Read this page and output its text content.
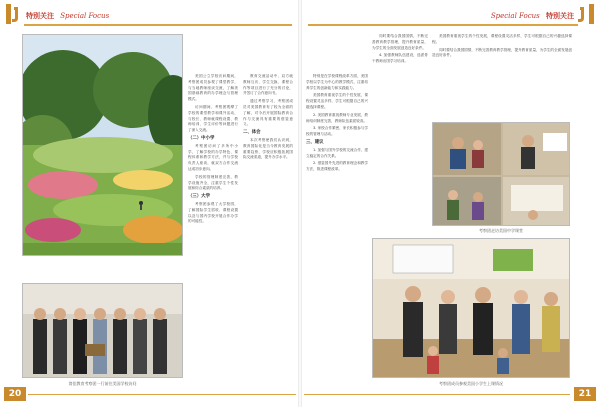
特别关注 Special Focus
湾佳教育考察团一行前往美国学校访问

美国公立学校访问期间，考察团成员参观了课堂教学，与当地教师座谈交流，了解美国基础教育的办学理念与管理模式。

访问期间，考察团观摩了学校的课堂教学和课外活动，与校长、教师就课程设置、教师培训、学生评价等问题进行了深入交流。

（二）中小学

考察团访问了多所中小学，了解学校的办学特色、课程体系和教学方法，并与学校负责人座谈，就双方合作交流达成初步意向。

学校的管理制度完善，教学设施齐全，注重学生个性发展和综合素质的培养。

（三）大学

考察团参观了大学校园，了解国际学生招收、课程设置以及与国内学校开展合作办学的可能性。

教育交流活动中，双方就教师互访、学生交换、课程合作等项目进行了充分的讨论，并签订了合作意向书。

通过考察学习，考察团成员对美国教育有了较为全面的了解，对今后开展国际教育合作与交流具有重要的借鉴意义。

二、体会

本次考察使我们认识到，教育国际化是当今教育发展的重要趋势，学校应积极拓展国际交流渠道，提升办学水平。

20
Special Focus 特别关注

特别是在学校课程改革方面，美国学校以学生为中心的教学模式，注重培养学生的创新能力和实践能力。

美国教育重视学生的个性发展，课程设置灵活多样，学生可根据自己的兴趣选择课程。

2. 美国教育重视教师专业发展，教师培训制度完善，教师队伍素质较高。

3. 家校合作紧密，家长积极参与学校的管理与活动。

三、建议

1. 加强与国外学校的交流合作，建立稳定的合作关系。

2. 借鉴国外先进的教育理念和教学方法，推进课程改革。

同时要结合我国国情，不断完善教育教学管理，提升教育质量，为学生的全面发展创造良好条件。

4. 加强教师队伍建设，选派骨干教师出国学习培训。

美国教育重视学生的个性发展，课程设置灵活多样，学生可根据自己的兴趣选择课程。

同时要结合我国国情，不断完善教育教学管理，提升教育质量，为学生的全面发展创造良好条件。

考察团走访美国中学课堂
考察团成员参观美国小学生上课情况
21
